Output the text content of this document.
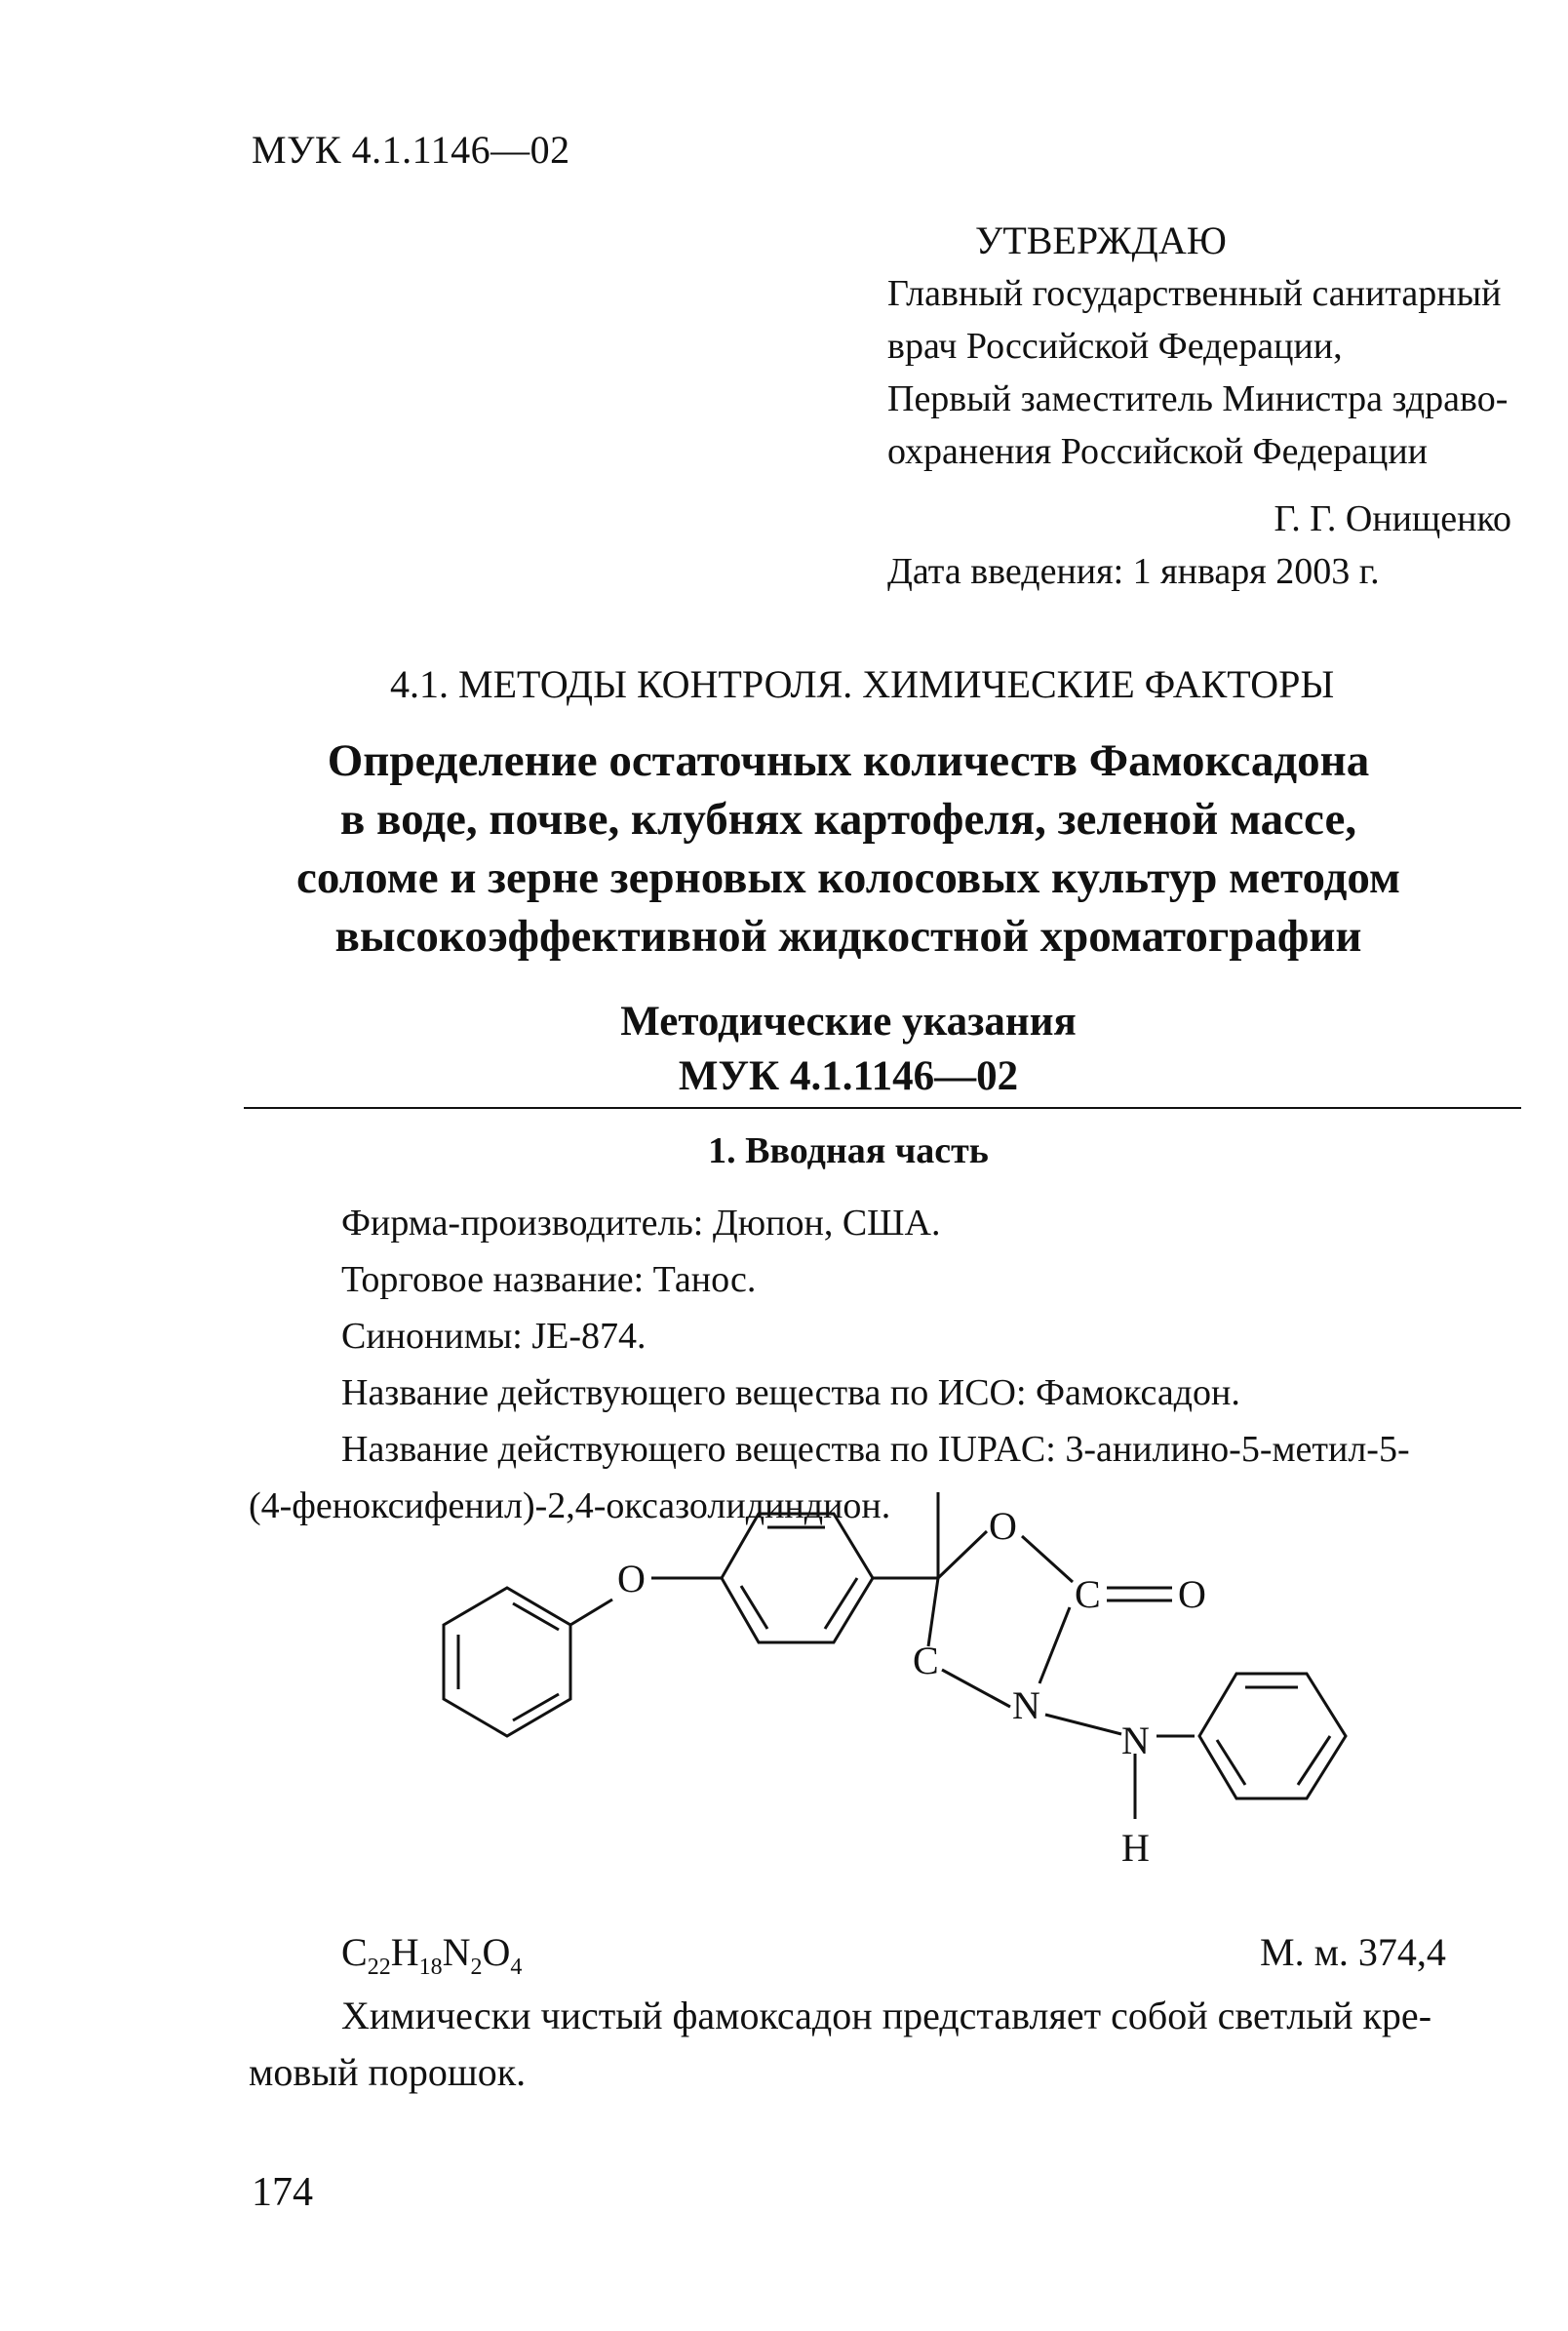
МУК 4.1.1146—02
УТВЕРЖДАЮ
Главный государственный санитарный
врач Российской Федерации,
Первый заместитель Министра здраво-
охранения Российской Федерации
Г. Г. Онищенко
Дата введения: 1 января 2003 г.
4.1. МЕТОДЫ КОНТРОЛЯ. ХИМИЧЕСКИЕ ФАКТОРЫ
Определение остаточных количеств Фамоксадона
в воде, почве, клубнях картофеля, зеленой массе,
соломе и зерне зерновых колосовых культур методом
высокоэффективной жидкостной хроматографии
Методические указания
МУК 4.1.1146—02
1. Вводная часть
Фирма-производитель: Дюпон, США.
Торговое название: Танос.
Синонимы: JE-874.
Название действующего вещества по ИСО: Фамоксадон.
Название действующего вещества по IUPAC: 3-анилино-5-метил-5-
(4-феноксифенил)-2,4-оксазолидиндион.
O
O
C O
C
N
N
H
$C_{22}H_{18}N_2O_4$	М. м. 374,4
Химически чистый фамоксадон представляет собой светлый кре-
мовый порошок.
174
